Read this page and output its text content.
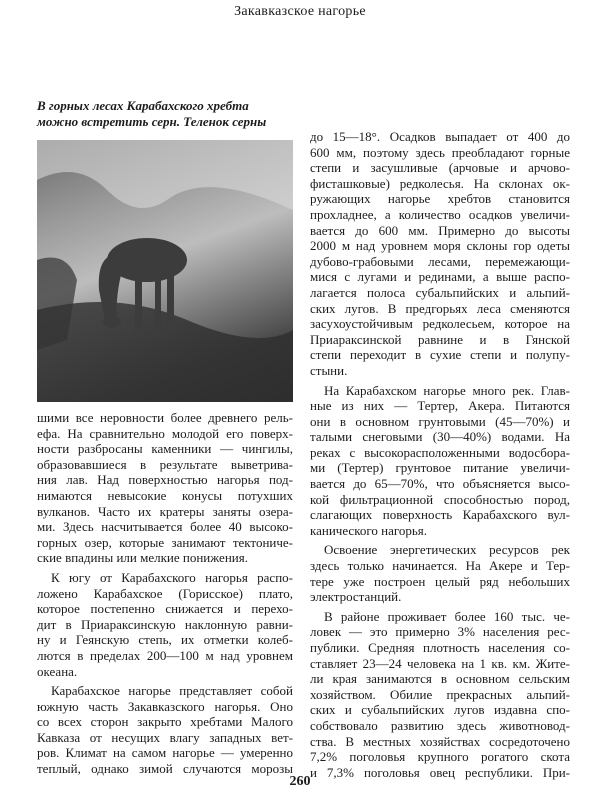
Закавказское нагорье
В горных лесах Карабахского хребта
можно встретить серн. Теленок серны
шими все неровности более древнего рель-
ефа. На сравнительно молодой его поверх-
ности разбросаны каменники — чингилы,
образовавшиеся в результате выветрива-
ния лав. Над поверхностью нагорья под-
нимаются невысокие конусы потухших
вулканов. Часто их кратеры заняты озера-
ми. Здесь насчитывается более 40 высоко-
горных озер, которые занимают тектониче-
ские впадины или мелкие понижения.
К югу от Карабахского нагорья распо-
ложено Карабахское (Горисское) плато,
которое постепенно снижается и перехо-
дит в Приараксинскую наклонную равни-
ну и Геянскую степь, их отметки колеб-
лются в пределах 200—100 м над уровнем
океана.
Карабахское нагорье представляет собой
южную часть Закавказского нагорья. Оно
со всех сторон закрыто хребтами Малого
Кавказа от несущих влагу западных вет-
ров. Климат на самом нагорье — умеренно
теплый, однако зимой случаются морозы
до 15—18°. Осадков выпадает от 400 до
600 мм, поэтому здесь преобладают горные
степи и засушливые (арчовые и арчово-
фисташковые) редколесья. На склонах ок-
ружающих нагорье хребтов становится
прохладнее, а количество осадков увеличи-
вается до 600 мм. Примерно до высоты
2000 м над уровнем моря склоны гор одеты
дубово-грабовыми лесами, перемежающи-
мися с лугами и рединами, а выше распо-
лагается полоса субальпийских и альпий-
ских лугов. В предгорьях леса сменяются
засухоустойчивым редколесьем, которое на
Приараксинской равнине и в Гянской
степи переходит в сухие степи и полупу-
стыни.
На Карабахском нагорье много рек. Глав-
ные из них — Тертер, Акера. Питаются
они в основном грунтовыми (45—70%) и
талыми снеговыми (30—40%) водами. На
реках с высокорасположенными водосбора-
ми (Тертер) грунтовое питание увеличи-
вается до 65—70%, что объясняется высо-
кой фильтрационной способностью пород,
слагающих поверхность Карабахского вул-
канического нагорья.
Освоение энергетических ресурсов рек
здесь только начинается. На Акере и Тер-
тере уже построен целый ряд небольших
электростанций.
В районе проживает более 160 тыс. че-
ловек — это примерно 3% населения рес-
публики. Средняя плотность населения со-
ставляет 23—24 человека на 1 кв. км. Жите-
ли края занимаются в основном сельским
хозяйством. Обилие прекрасных альпий-
ских и субальпийских лугов издавна спо-
собствовало развитию здесь животновод-
ства. В местных хозяйствах сосредоточено
7,2% поголовья крупного рогатого скота
и 7,3% поголовья овец республики. При-
260
